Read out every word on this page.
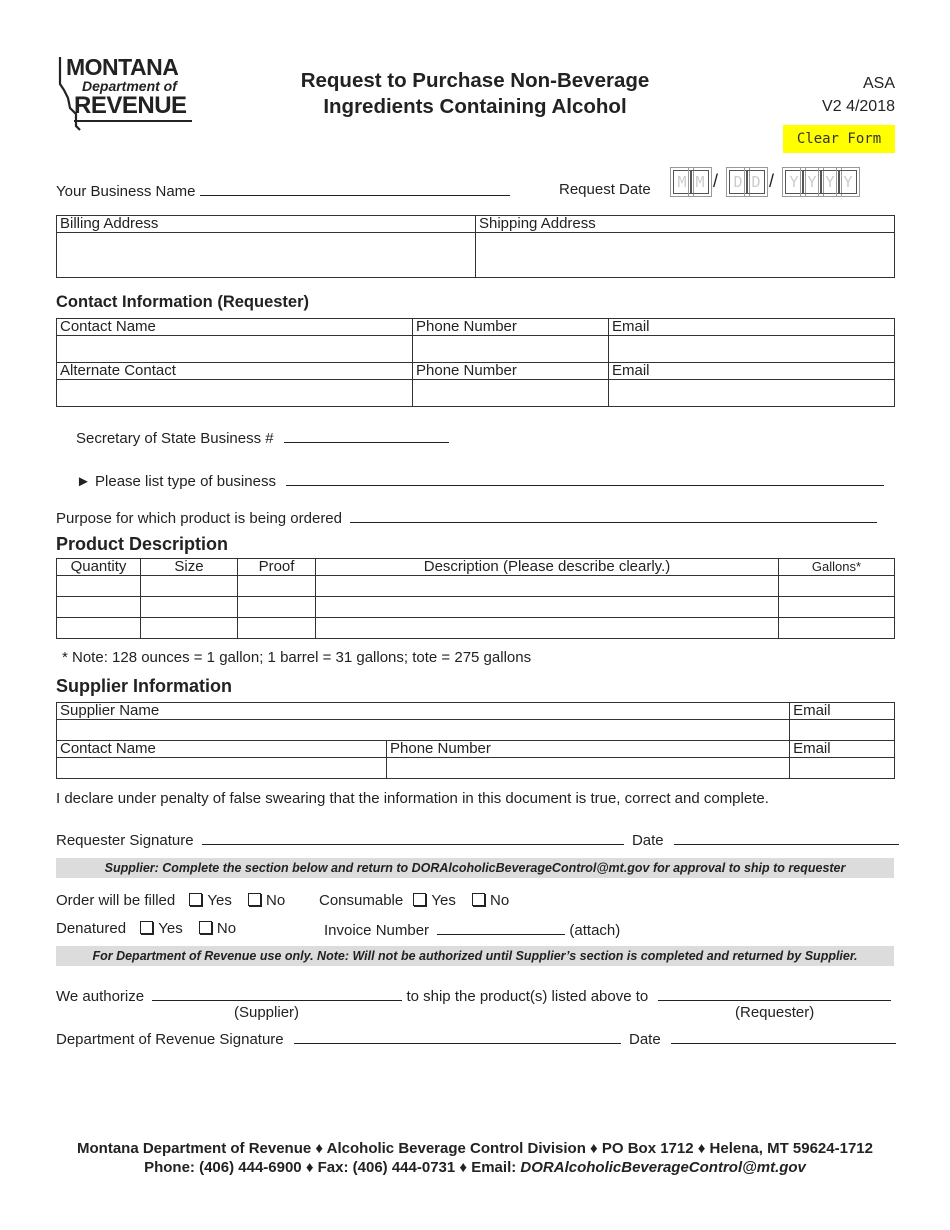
MONTANA
Department of
REVENUE
Request to Purchase Non-Beverage
Ingredients Containing Alcohol
ASA
V2 4/2018
Clear Form
Your Business Name	Request Date M M / D D / Y Y Y Y
Billing Address	Shipping Address

Contact Information (Requester)
Contact Name	Phone Number	Email

Alternate Contact	Phone Number	Email

Secretary of State Business #
► Please list type of business
Purpose for which product is being ordered
Product Description
Quantity	Size	Proof	Description (Please describe clearly.)	Gallons*

* Note: 128 ounces = 1 gallon; 1 barrel = 31 gallons; tote = 275 gallons
Supplier Information
Supplier Name		Email

Contact Name	Phone Number	Email

I declare under penalty of false swearing that the information in this document is true, correct and complete.
Requester Signature	Date
Supplier: Complete the section below and return to DORAlcoholicBeverageControl@mt.gov for approval to ship to requester
Order will be filled Yes No Consumable Yes No
Denatured Yes No	Invoice Number	(attach)
For Department of Revenue use only. Note: Will not be authorized until Supplier’s section is completed and returned by Supplier.
We authorize	to ship the product(s) listed above to
(Supplier)	(Requester)
Department of Revenue Signature	Date
Montana Department of Revenue ♦ Alcoholic Beverage Control Division ♦ PO Box 1712 ♦ Helena, MT 59624-1712
Phone: (406) 444-6900 ♦ Fax: (406) 444-0731 ♦ Email: DORAlcoholicBeverageControl@mt.gov
